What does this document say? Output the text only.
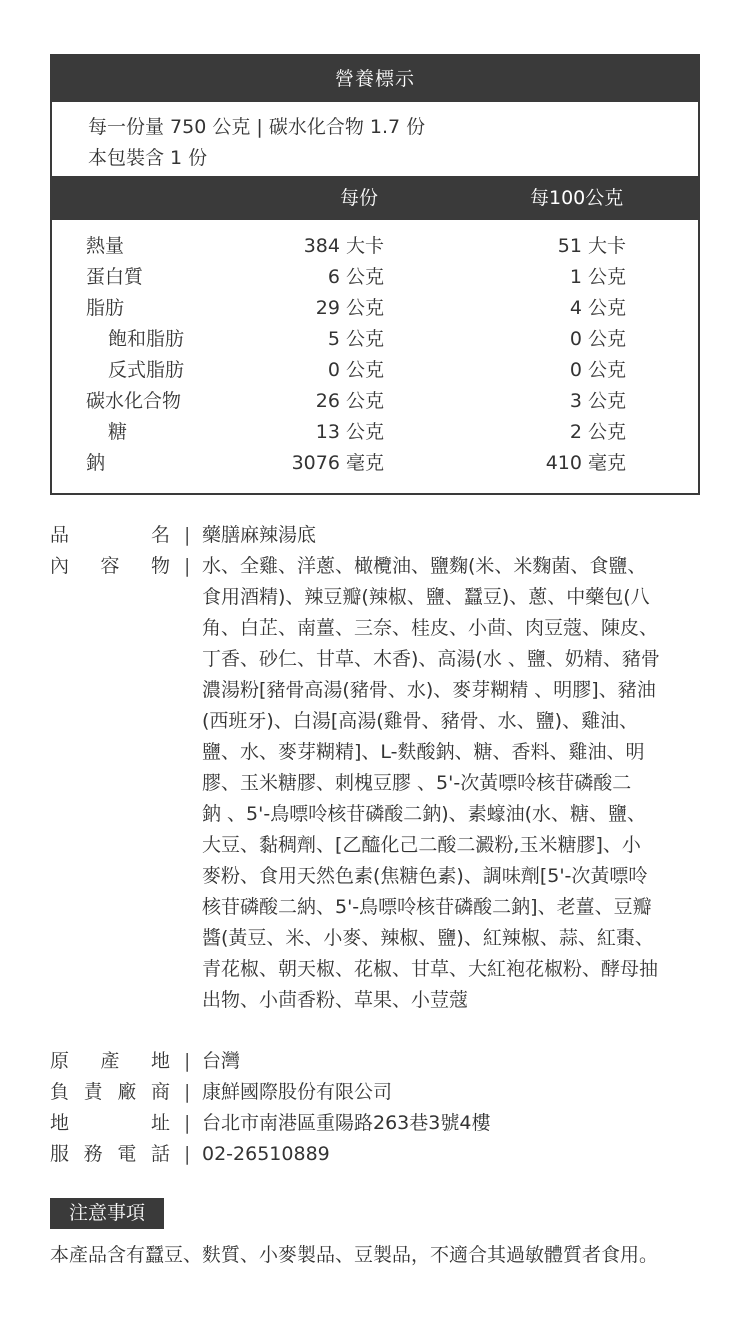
營養標示
每一份量 750 公克 | 碳水化合物 1.7 份
本包裝含 1 份
每份	每100公克
熱量	384 大卡	51 大卡
蛋白質	6 公克	1 公克
脂肪	29 公克	4 公克
飽和脂肪	5 公克	0 公克
反式脂肪	0 公克	0 公克
碳水化合物	26 公克	3 公克
糖	13 公克	2 公克
鈉	3076 毫克	410 毫克
品	名 | 藥膳麻辣湯底
內 容 物 | 水、全雞、洋蔥、橄欖油、鹽麴(米、米麴菌、食鹽、
食用酒精)、辣豆瓣(辣椒、鹽、蠶豆)、蔥、中藥包(八
角、白芷、南薑、三奈、桂皮、小茴、肉豆蔻、陳皮、
丁香、砂仁、甘草、木香)、高湯(水 、鹽、奶精、豬骨
濃湯粉[豬骨高湯(豬骨、水)、麥芽糊精 、明膠]、豬油
(西班牙)、白湯[高湯(雞骨、豬骨、水、鹽)、雞油、
鹽、水、麥芽糊精]、L-麩酸鈉、糖、香料、雞油、明
膠、玉米糖膠、刺槐豆膠 、5'-次黃嘌呤核苷磷酸二
鈉 、5'-鳥嘌呤核苷磷酸二鈉)、素蠔油(水、糖、鹽、
大豆、黏稠劑、[乙醯化己二酸二澱粉,玉米糖膠]、小
麥粉、食用天然色素(焦糖色素)、調味劑[5'-次黃嘌呤
核苷磷酸二納、5'-鳥嘌呤核苷磷酸二鈉]、老薑、豆瓣
醬(黃豆、米、小麥、辣椒、鹽)、紅辣椒、蒜、紅棗、
青花椒、朝天椒、花椒、甘草、大紅袍花椒粉、酵母抽
出物、小茴香粉、草果、小荳蔻
原 產 地 | 台灣
負 責 廠 商 | 康鮮國際股份有限公司
地	址 | 台北市南港區重陽路263巷3號4樓
服 務 電 話 | 02-26510889
注意事項
本產品含有蠶豆、麩質、小麥製品、豆製品，不適合其過敏體質者食用。
